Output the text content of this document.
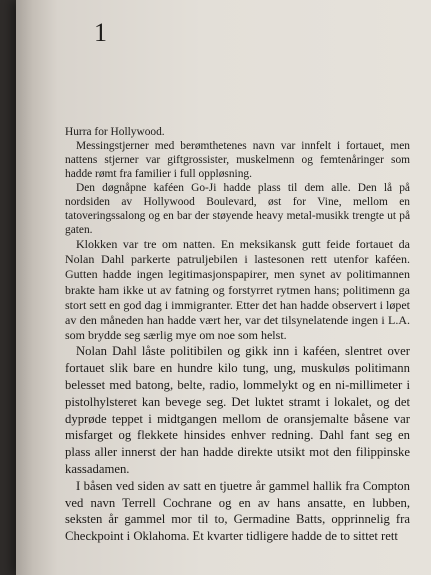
1

Hurra for Hollywood.

Messingstjerner med berømthetenes navn var innfelt i fortauet, men nattens stjerner var giftgrossister, muskelmenn og femtenåringer som hadde rømt fra familier i full oppløsning.

Den døgnåpne kaféen Go-Ji hadde plass til dem alle. Den lå på nordsiden av Hollywood Boulevard, øst for Vine, mellom en tatoveringssalong og en bar der støyende heavy metal-musikk trengte ut på gaten.

Klokken var tre om natten. En meksikansk gutt feide fortauet da Nolan Dahl parkerte patruljebilen i lastesonen rett utenfor kaféen. Gutten hadde ingen legitimasjonspapirer, men synet av politimannen brakte ham ikke ut av fatning og forstyrret rytmen hans; politimenn ga stort sett en god dag i immigranter. Etter det han hadde observert i løpet av den måneden han hadde vært her, var det tilsynelatende ingen i L.A. som brydde seg særlig mye om noe som helst.

Nolan Dahl låste politibilen og gikk inn i kaféen, slentret over fortauet slik bare en hundre kilo tung, ung, muskuløs politimann belesset med batong, belte, radio, lommelykt og en ni-millimeter i pistolhylsteret kan bevege seg. Det luktet stramt i lokalet, og det dyprøde teppet i midtgangen mellom de oransjemalte båsene var misfarget og flekkete hinsides enhver redning. Dahl fant seg en plass aller innerst der han hadde direkte utsikt mot den filippinske kassadamen.

I båsen ved siden av satt en tjuetre år gammel hallik fra Compton ved navn Terrell Cochrane og en av hans ansatte, en lubben, seksten år gammel mor til to, Germadine Batts, opprinnelig fra Checkpoint i Oklahoma. Et kvarter tidligere hadde de to sittet rett
